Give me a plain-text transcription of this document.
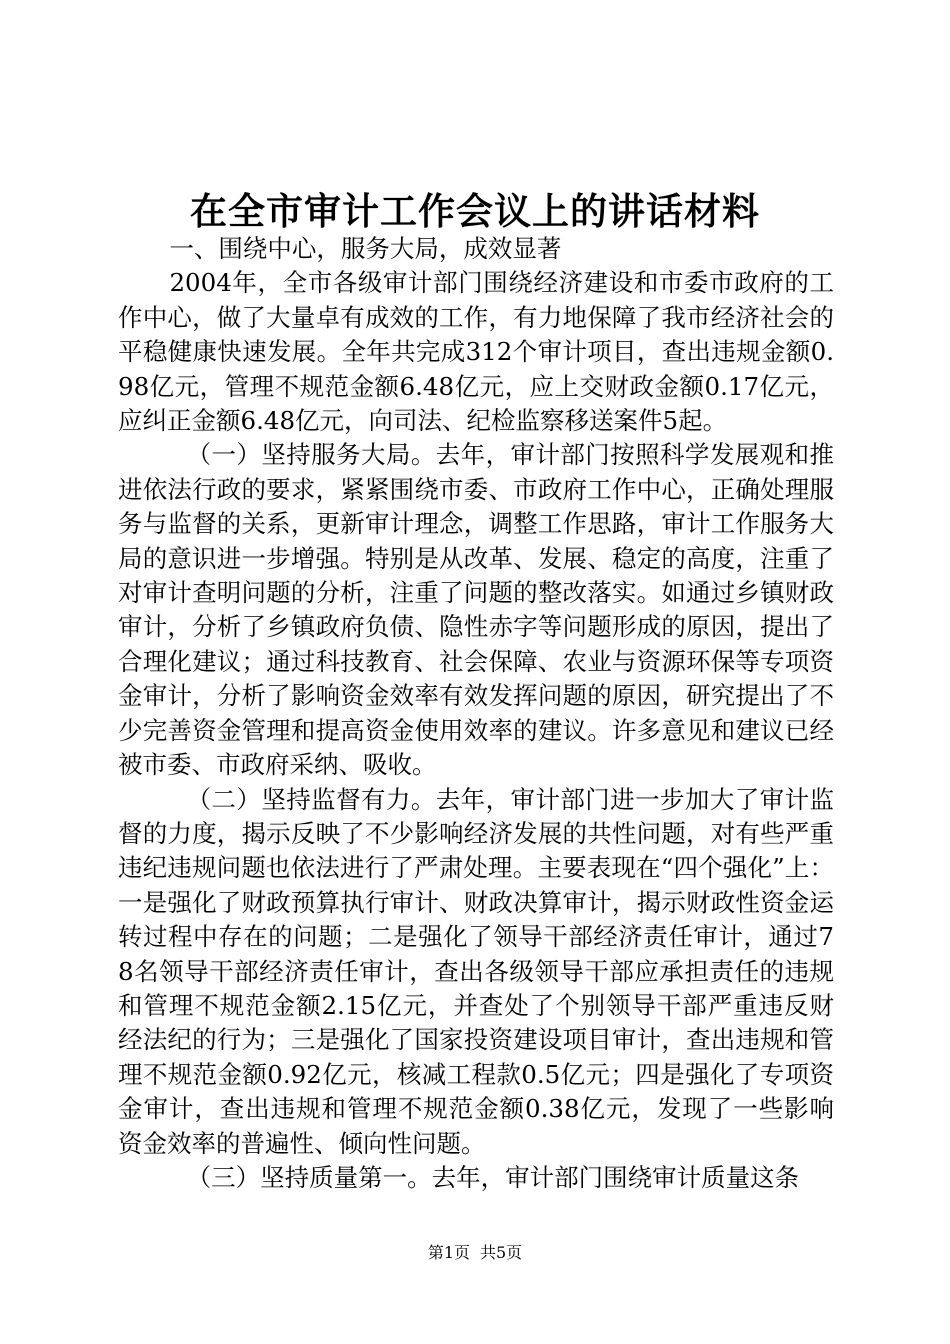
在全市审计工作会议上的讲话材料

一、围绕中心，服务大局，成效显著

2004年，全市各级审计部门围绕经济建设和市委市政府的工作中心，做了大量卓有成效的工作，有力地保障了我市经济社会的平稳健康快速发展。全年共完成312个审计项目，查出违规金额0.98亿元，管理不规范金额6.48亿元，应上交财政金额0.17亿元，应纠正金额6.48亿元，向司法、纪检监察移送案件5起。

（一）坚持服务大局。去年，审计部门按照科学发展观和推进依法行政的要求，紧紧围绕市委、市政府工作中心，正确处理服务与监督的关系，更新审计理念，调整工作思路，审计工作服务大局的意识进一步增强。特别是从改革、发展、稳定的高度，注重了对审计查明问题的分析，注重了问题的整改落实。如通过乡镇财政审计，分析了乡镇政府负债、隐性赤字等问题形成的原因，提出了合理化建议；通过科技教育、社会保障、农业与资源环保等专项资金审计，分析了影响资金效率有效发挥问题的原因，研究提出了不少完善资金管理和提高资金使用效率的建议。许多意见和建议已经被市委、市政府采纳、吸收。

（二）坚持监督有力。去年，审计部门进一步加大了审计监督的力度，揭示反映了不少影响经济发展的共性问题，对有些严重违纪违规问题也依法进行了严肃处理。主要表现在“四个强化”上：一是强化了财政预算执行审计、财政决算审计，揭示财政性资金运转过程中存在的问题；二是强化了领导干部经济责任审计，通过78名领导干部经济责任审计，查出各级领导干部应承担责任的违规和管理不规范金额2.15亿元，并查处了个别领导干部严重违反财经法纪的行为；三是强化了国家投资建设项目审计，查出违规和管理不规范金额0.92亿元，核减工程款0.5亿元；四是强化了专项资金审计，查出违规和管理不规范金额0.38亿元，发现了一些影响资金效率的普遍性、倾向性问题。

（三）坚持质量第一。去年，审计部门围绕审计质量这条

第1页 共5页
